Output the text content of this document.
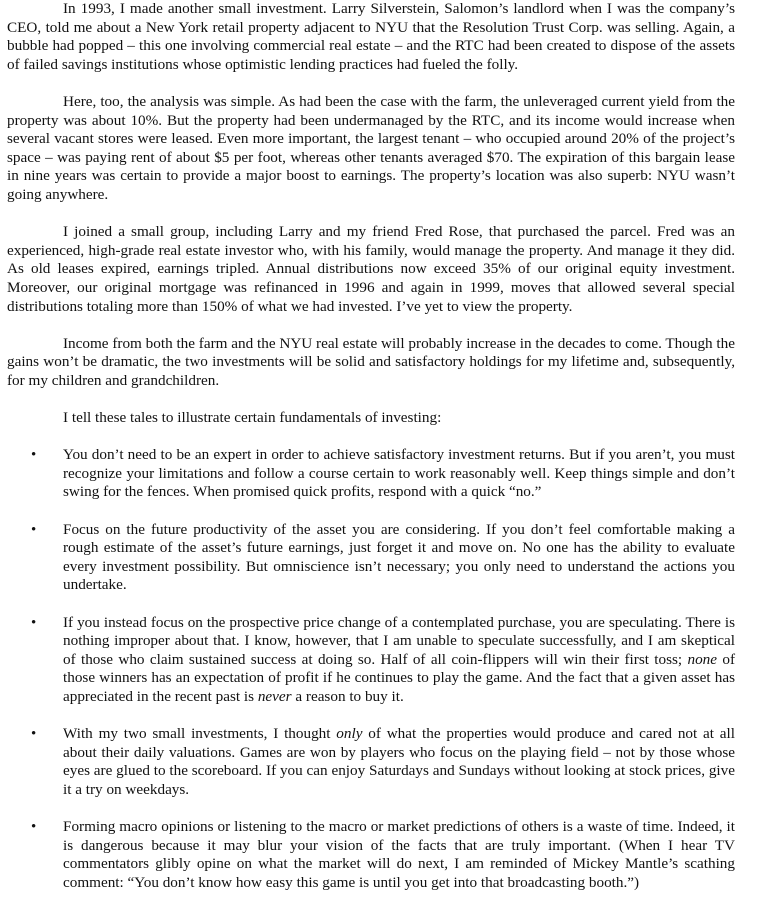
In 1993, I made another small investment. Larry Silverstein, Salomon’s landlord when I was the company’s CEO, told me about a New York retail property adjacent to NYU that the Resolution Trust Corp. was selling. Again, a bubble had popped – this one involving commercial real estate – and the RTC had been created to dispose of the assets of failed savings institutions whose optimistic lending practices had fueled the folly.

Here, too, the analysis was simple. As had been the case with the farm, the unleveraged current yield from the property was about 10%. But the property had been undermanaged by the RTC, and its income would increase when several vacant stores were leased. Even more important, the largest tenant – who occupied around 20% of the project’s space – was paying rent of about $5 per foot, whereas other tenants averaged $70. The expiration of this bargain lease in nine years was certain to provide a major boost to earnings. The property’s location was also superb: NYU wasn’t going anywhere.

I joined a small group, including Larry and my friend Fred Rose, that purchased the parcel. Fred was an experienced, high-grade real estate investor who, with his family, would manage the property. And manage it they did. As old leases expired, earnings tripled. Annual distributions now exceed 35% of our original equity investment. Moreover, our original mortgage was refinanced in 1996 and again in 1999, moves that allowed several special distributions totaling more than 150% of what we had invested. I’ve yet to view the property.

Income from both the farm and the NYU real estate will probably increase in the decades to come. Though the gains won’t be dramatic, the two investments will be solid and satisfactory holdings for my lifetime and, subsequently, for my children and grandchildren.

I tell these tales to illustrate certain fundamentals of investing:

• You don’t need to be an expert in order to achieve satisfactory investment returns. But if you aren’t, you must recognize your limitations and follow a course certain to work reasonably well. Keep things simple and don’t swing for the fences. When promised quick profits, respond with a quick “no.”
• Focus on the future productivity of the asset you are considering. If you don’t feel comfortable making a rough estimate of the asset’s future earnings, just forget it and move on. No one has the ability to evaluate every investment possibility. But omniscience isn’t necessary; you only need to understand the actions you undertake.
• If you instead focus on the prospective price change of a contemplated purchase, you are speculating. There is nothing improper about that. I know, however, that I am unable to speculate successfully, and I am skeptical of those who claim sustained success at doing so. Half of all coin-flippers will win their first toss; none of those winners has an expectation of profit if he continues to play the game. And the fact that a given asset has appreciated in the recent past is never a reason to buy it.
• With my two small investments, I thought only of what the properties would produce and cared not at all about their daily valuations. Games are won by players who focus on the playing field – not by those whose eyes are glued to the scoreboard. If you can enjoy Saturdays and Sundays without looking at stock prices, give it a try on weekdays.
• Forming macro opinions or listening to the macro or market predictions of others is a waste of time. Indeed, it is dangerous because it may blur your vision of the facts that are truly important. (When I hear TV commentators glibly opine on what the market will do next, I am reminded of Mickey Mantle’s scathing comment: “You don’t know how easy this game is until you get into that broadcasting booth.”)
